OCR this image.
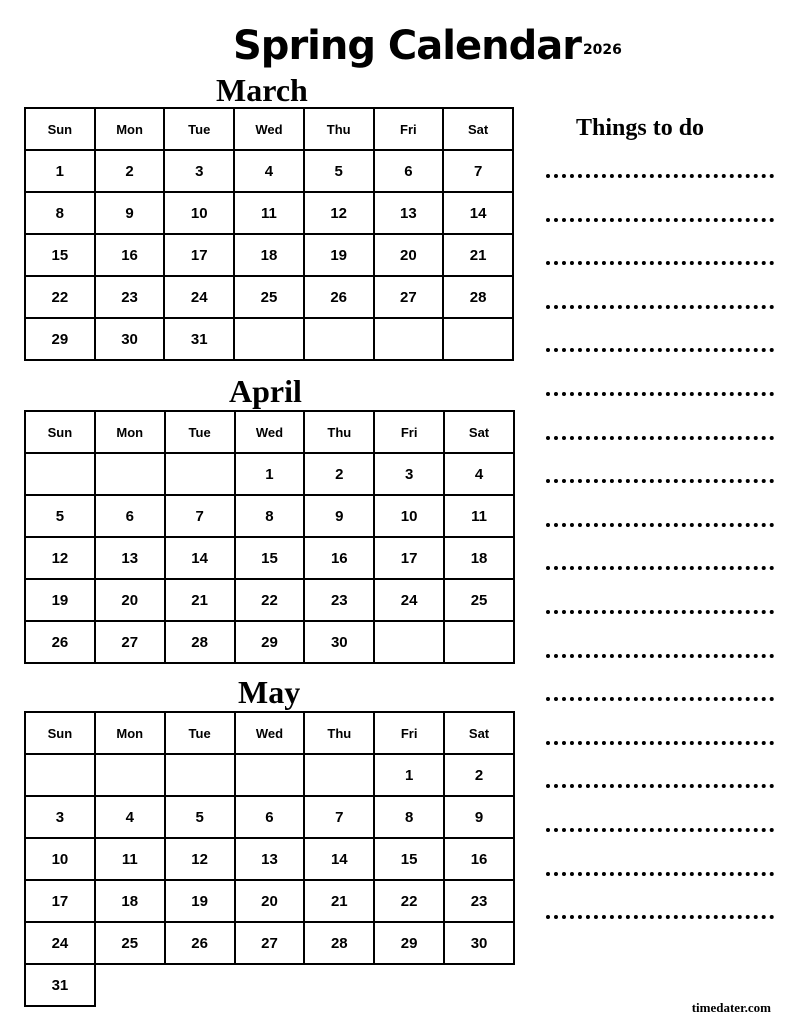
Spring Calendar $^{2026}$
March
Sun	Mon	Tue	Wed	Thu	Fri	Sat
1	2	3	4	5	6	7
8	9	10	11	12	13	14
15	16	17	18	19	20	21
22	23	24	25	26	27	28
29	30	31				
April
Sun	Mon	Tue	Wed	Thu	Fri	Sat
			1	2	3	4
5	6	7	8	9	10	11
12	13	14	15	16	17	18
19	20	21	22	23	24	25
26	27	28	29	30		
May
Sun	Mon	Tue	Wed	Thu	Fri	Sat
					1	2
3	4	5	6	7	8	9
10	11	12	13	14	15	16
17	18	19	20	21	22	23
24	25	26	27	28	29	30
31						
Things to do
timedater.com
